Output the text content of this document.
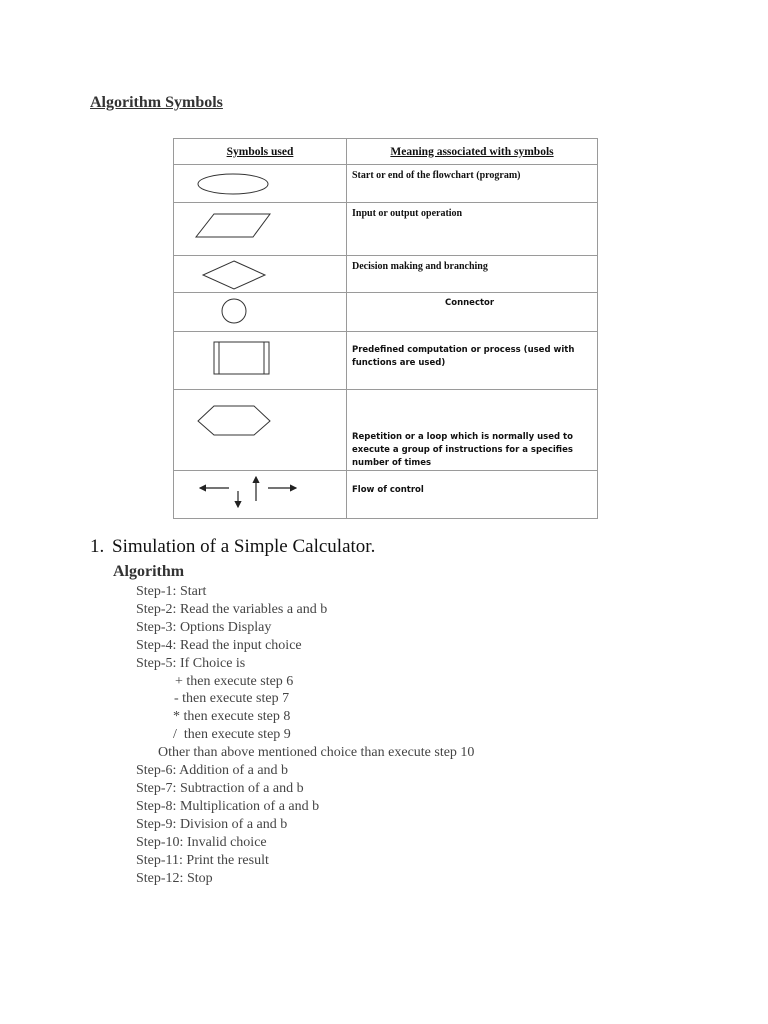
Algorithm Symbols
Symbols used	Meaning associated with symbols

	Start or end of the flowchart (program)

	Input or output operation

	Decision making and branching

	Connector

	Predefined computation or process (used with functions are used)

	Repetition or a loop which is normally used to execute a group of instructions for a specifies number of times

	Flow of control
1. Simulation of a Simple Calculator.
Algorithm
Step-1: Start
Step-2: Read the variables a and b
Step-3: Options Display
Step-4: Read the input choice
Step-5: If Choice is
+ then execute step 6
- then execute step 7
* then execute step 8
/  then execute step 9
Other than above mentioned choice than execute step 10
Step-6: Addition of a and b
Step-7: Subtraction of a and b
Step-8: Multiplication of a and b
Step-9: Division of a and b
Step-10: Invalid choice
Step-11: Print the result
Step-12: Stop
